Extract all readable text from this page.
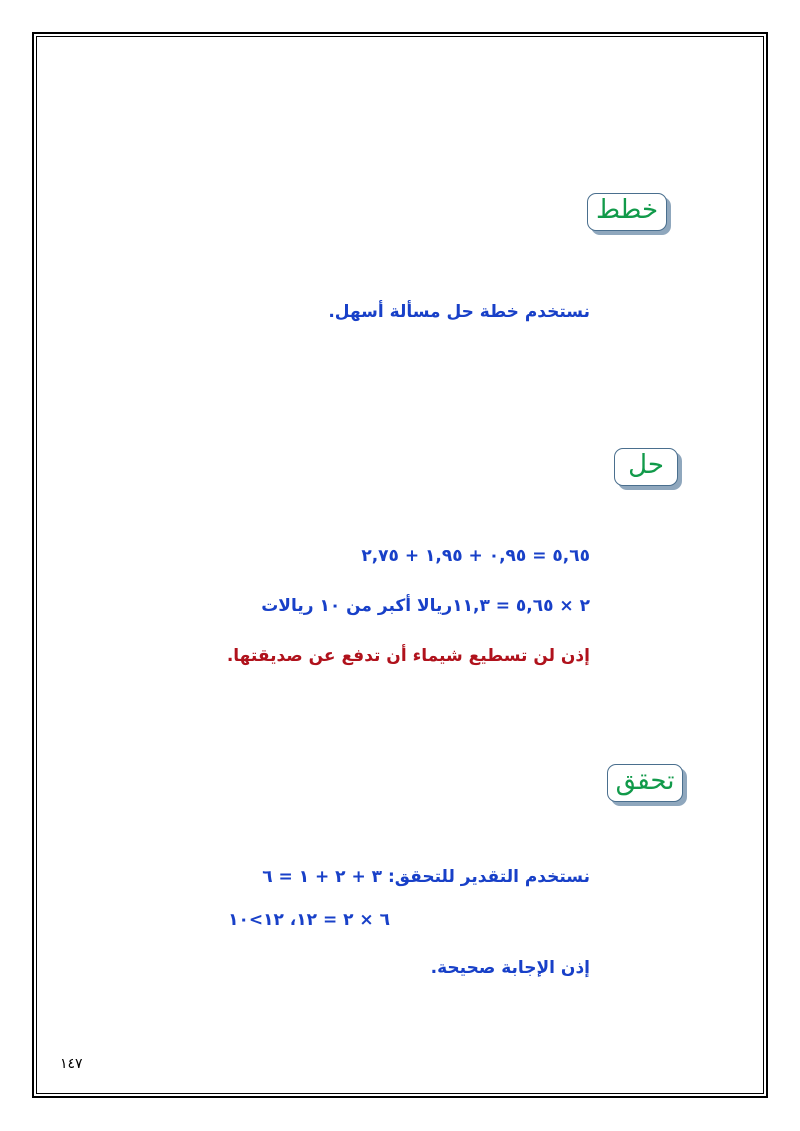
خطط
نستخدم خطة حل مسألة أسهل.
حل
٥,٦٥ = ٠,٩٥ + ١,٩٥ + ٢,٧٥
٢ × ٥,٦٥ = ١١,٣ريالا أكبر من ١٠ ريالات
إذن لن تسطيع شيماء أن تدفع عن صديقتها.
تحقق
نستخدم التقدير للتحقق: ٣ + ٢ + ١ = ٦
٦ × ٢ = ١٢، ١٢>١٠
إذن الإجابة صحيحة.
١٤٧
